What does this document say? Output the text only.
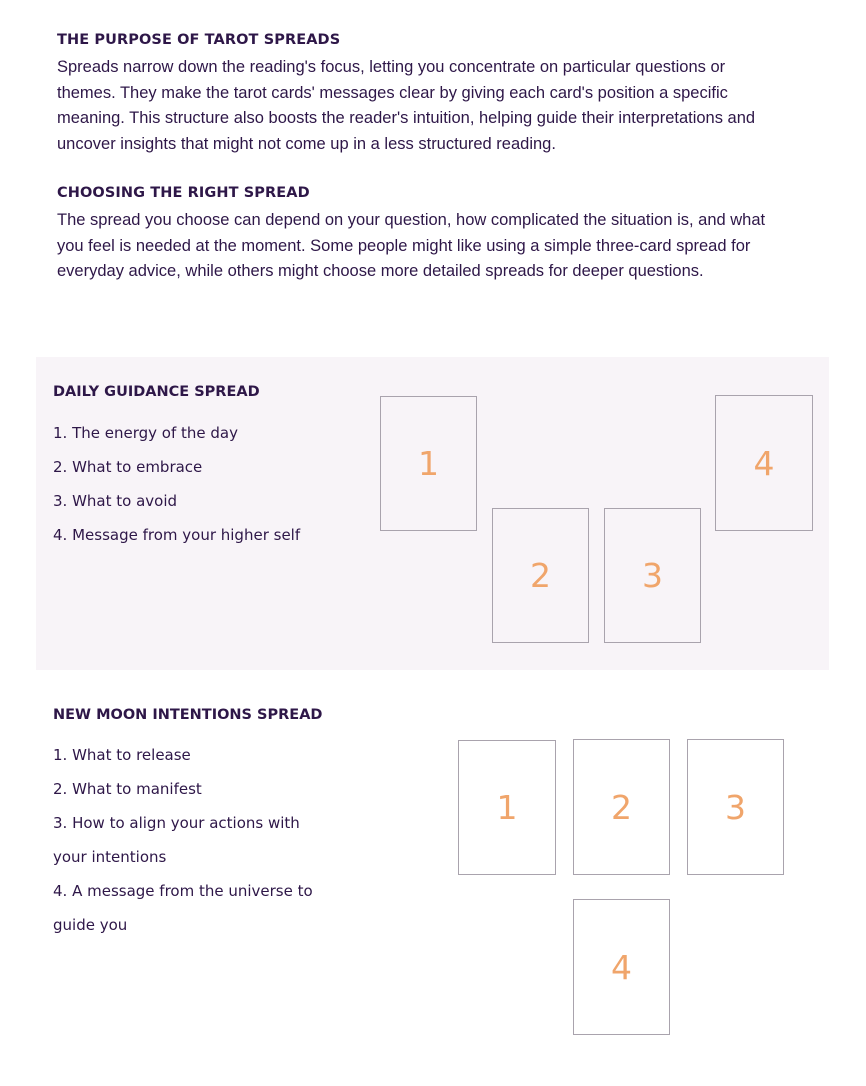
THE PURPOSE OF TAROT SPREADS

Spreads narrow down the reading's focus, letting you concentrate on particular questions or
themes. They make the tarot cards' messages clear by giving each card's position a specific
meaning. This structure also boosts the reader's intuition, helping guide their interpretations and
uncover insights that might not come up in a less structured reading.

CHOOSING THE RIGHT SPREAD

The spread you choose can depend on your question, how complicated the situation is, and what
you feel is needed at the moment. Some people might like using a simple three-card spread for
everyday advice, while others might choose more detailed spreads for deeper questions.

DAILY GUIDANCE SPREAD
1. The energy of the day
2. What to embrace
3. What to avoid
4. Message from your higher self
1
2	3
4
NEW MOON INTENTIONS SPREAD
1. What to release
2. What to manifest
3. How to align your actions with
your intentions
4. A message from the universe to
guide you
1	2	3
4
